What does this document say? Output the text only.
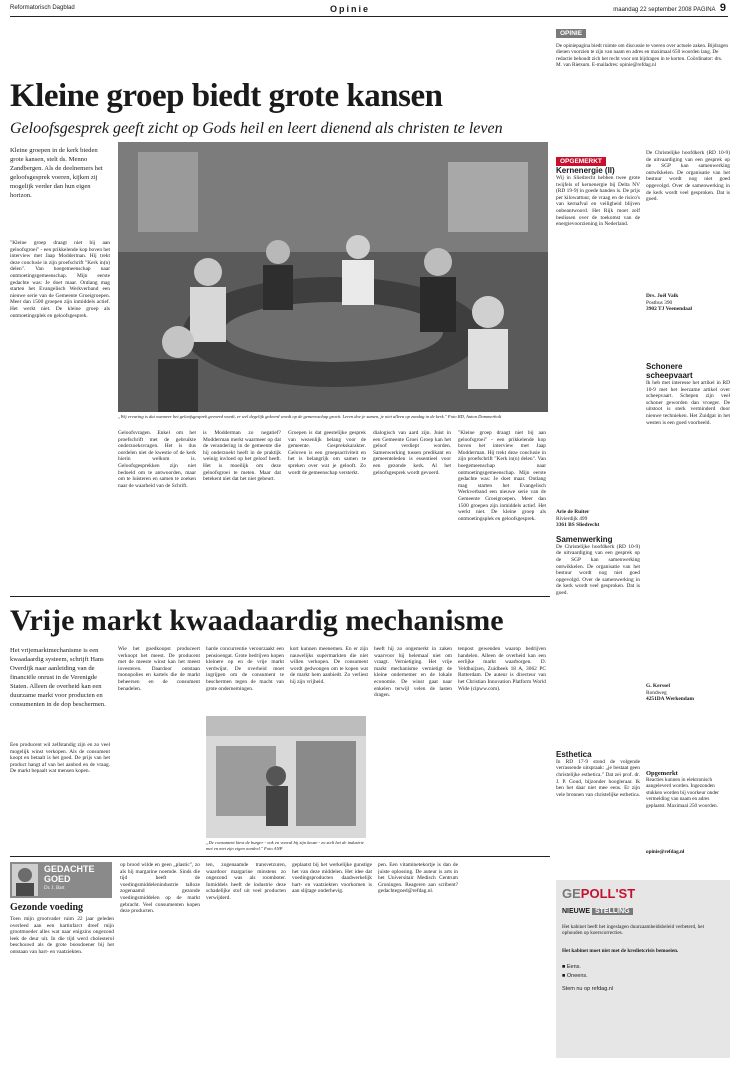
Reformatorisch Dagblad	Opinie	maandag 22 september 2008 PAGINA 9
Kleine groep biedt grote kansen
Geloofsgesprek geeft zicht op Gods heil en leert dienend als christen te leven
Kleine groepen in de kerk bieden grote kansen, stelt ds. Menno Zandbergen. Als de deelnemers het geloofsgesprek voeren, kijken zij mogelijk verder dan hun eigen horizon.
"Kleine groep draagt niet bij aan geloofsgroei" - een prikkelende kop boven het interview met Jaap Modderman. Hij trekt deze conclusie in zijn proefschrift "Kerk in(n) delen". Van hoegemeenschap naar ontmoetingsgemeenschap. Mijn eerste gedachte was: Je doet maar. Ontlang mag starten het Evangelisch Werkverband een nieuwe serie van de Gemeente Groeigroepen. Meer dan 1500 groepen zijn inmiddels actief. Het werkt niet. De kleine groep als ontmoetingsplek en geloofsgesprek.
„Wij ervaring is dat wanneer het geloofsgesprek gevoerd wordt, er wel degelijk gekeerd wordt op de gemeenschap groeit. Leren doe je samen, je niet alleen op zondag in de kerk." Foto RD, Anton Dommerholt
Geloofsvragen. Enkel om het proefschrift met de gebruikte onderzoeksvragen. Het is dus oordelen niet de kwestie of de kerk hierin welkom is. Geloofsgesprekken zijn niet bedoeld om te antwoorden, maar om te luisteren en samen te zoeken naar de waarheid van de Schrift.
is Modderman zo negatief? Modderman merkt waarmeer op dat de verandering in de gemeente die hij onderzoekt heeft in de praktijk weinig invloed op het geloof heeft. Het is moeilijk om deze geloofsgroei te meten. Maar dat betekent niet dat het niet gebeurt.
Groepen is dat geestelijke gesprek van wezenlijk belang voor de gemeente. Gesprekskarakter. Geloven is een groepsactiviteit en het is belangrijk om samen te spreken over wat je gelooft. Zo wordt de gemeenschap versterkt.
dialogisch van aard zijn. Juist in een Gemeente Groei Groep kan het geloof verdiept worden. Samenwerking tussen predikant en gemeenteleden is essentieel voor een gezonde kerk. Al het geloofsgesprek wordt gevoerd.
"Kleine groep draagt niet bij aan geloofsgroei" - een prikkelende kop boven het interview met Jaap Modderman. Hij trekt deze conclusie in zijn proefschrift "Kerk in(n) delen". Van hoegemeenschap naar ontmoetingsgemeenschap. Mijn eerste gedachte was: Je doet maar. Ontlang mag starten het Evangelisch Werkverband een nieuwe serie van de Gemeente Groeigroepen. Meer dan 1500 groepen zijn inmiddels actief. Het werkt niet. De kleine groep als ontmoetingsplek en geloofsgesprek.
Vrije markt kwaadaardig mechanisme
Het vrijemarktmechanisme is een kwaadaardig systeem, schrijft Hans Overdijk naar aanleiding van de financiële onrust in de Verenigde Staten. Alleen de overheid kan een duurzame markt voor producten en consumenten in de dop beschermen.
Een producent wil zelfstandig zijn en zo veel mogelijk winst verkopen. Als de consument koopt en betaalt is het goed. De prijs van het product hangt af van het aanbod en de vraag. De markt bepaalt wat mensen kopen.
Wie het goedkoopst produceert verkoopt het meest. De producent met de meeste winst kan het meest investeren. Daardoor ontstaan monopolies en kartels die de markt beheersen en de consument benadelen.
„De consument kiest de burger - ook en vooral bij zijn keuze - zo stelt het de industrie met en met zijn eigen oordeel." Foto ANP
harde concurrentie veroorzaakt een pensioengat. Grote bedrijven kopen kleinere op en de vrije markt verdwijnt. De overheid moet ingrijpen om de consument te beschermen tegen de macht van grote ondernemingen.
kort kunnen meenemen. En er zijn nauwelijks supermarkten die niet willen verkopen. De consument wordt gedwongen om te kopen wat de markt hem aanbiedt. Zo verliest hij zijn vrijheid.
heeft hij zo ongemerkt in zaken waarvoor hij helemaal niet om vraagt. Vernietiging. Het vrije markt mechanisme vernietigt de kleine ondernemer en de lokale economie. De winst gaat naar enkelen terwijl velen de lasten dragen.
tenpost gewenden waarop bedrijven handelen. Alleen de overheid kan een eerlijke markt waarborgen. D. Veldhuijzen, Zuidbeek 18 A, 3062 PC Rotterdam. De auteur is directeur van het Christian Innovation Platform World Wide (cipww.com).
GEDACHTE
GOED
Dr. J. Bart
Gezonde voeding
Toen mijn grootvader ruim 22 jaar geleden overleed aan een hartinfarct dreef mijn grootmoeder alles wat naar enigzins ongezond leek de deur uit. In die tijd werd cholesterol beschouwd als de grote boosdoener bij het ontstaan van hart- en vaatziekten.
op brood wilde en geen „plastic", zo als hij margarine noemde. Sinds die tijd heeft de voedingsmiddelenindustrie talloze zogenaamd gezonde voedingsmiddelen op de markt gebracht. Veel consumenten kopen deze producten.
ten, zogenaamde transvetzuren, waardoor margarine minstens zo ongezond was als roomboter. Inmiddels heeft de industrie deze schadelijke stof uit veel producten verwijderd.
geplaatst bij het werkelijke gunstige het van deze middelen. Het idee dat voedingsproducten daadwerkelijk hart- en vaatziekten voorkomen is aan slijtage onderhevig.
pen. Een vitaminetekortje is dan de juiste oplossing. De auteur is arts in het Universitair Medisch Centrum Groningen. Reageren aan scribent? gedachtegoed@refdag.nl.
OPINIE
De opiniepagina biedt ruimte om discussie te voeren over actuele zaken. Bijdragen dienen voorzien te zijn van naam en adres en maximaal 650 woorden lang. De redactie behoudt zich het recht voor om bijdragen in te korten. Coördinator: drs. M. van Rietsum. E-mailadres: opinie@refdag.nl
OPGEMERKT
Kernenergie (II)
Wij in Sliedrecht hebben twee grote twijfels of kernenergie bij Delta NV (RD 19-9) in goede handen is. De prijs per kilowattuur, de vraag en de risico's van kernafval en veiligheid blijven onbeantwoord. Het Rijk moet zelf beslissen over de toekomst van de energievoorziening in Nederland.
Arie de Ruiter
Rivierdijk 499
3361 BS Sliedrecht
Samenwerking
De Christelijke hoofdkerk (RD 10-9) de uitvaardiging van een gesprek op de SGP kan samenwerking ontwikkelen. De organisatie van het bestuur wordt nog niet goed opgevolgd. Over de samenwerking in de kerk wordt veel gesproken. Dat is goed.
Esthetica
In RD 17-9 stond de volgende verrassende uitspraak: „je bestaat geen christelijke esthetica." Dat zei prof. dr. J. P. Goud, bijzonder hoogleraar. Ik ben het daar niet mee eens. Er zijn vele bronnen van christelijke esthetica.
De Christelijke hoofdkerk (RD 10-9) de uitvaardiging van een gesprek op de SGP kan samenwerking ontwikkelen. De organisatie van het bestuur wordt nog niet goed opgevolgd. Over de samenwerking in de kerk wordt veel gesproken. Dat is goed.
Drs. Joël Valk
Postbus 390
3902 TJ Veenendaal
Schonere scheepvaart
Ik heb met interesse het artikel in RD 10-9 met het leerzame artikel over scheepvaart. Schepen zijn veel schoner geworden dan vroeger. De uitstoot is sterk verminderd door nieuwe technieken. Het Zuidgat in het westen is een goed voorbeeld.
G. Kerssel
Rondweg
4251DA Werkendam
Opgemerkt
Reacties kunnen in elektronisch aangeleverd worden. Ingezonden stukken worden bij voorkeur onder vermelding van naam en adres geplaatst. Maximaal 250 woorden.
opinie@refdag.nl
GEPOLL'ST
NIEUWE STELLING
Het kabinet heeft het ingeslagen duurzaamheidsbeleid verbeterd, het ophouden op koerscorrecties.
Het kabinet moet niet met de kredietcrisis bemoeien.
■ Eens.
■ Oneens.
Stem nu op refdag.nl
